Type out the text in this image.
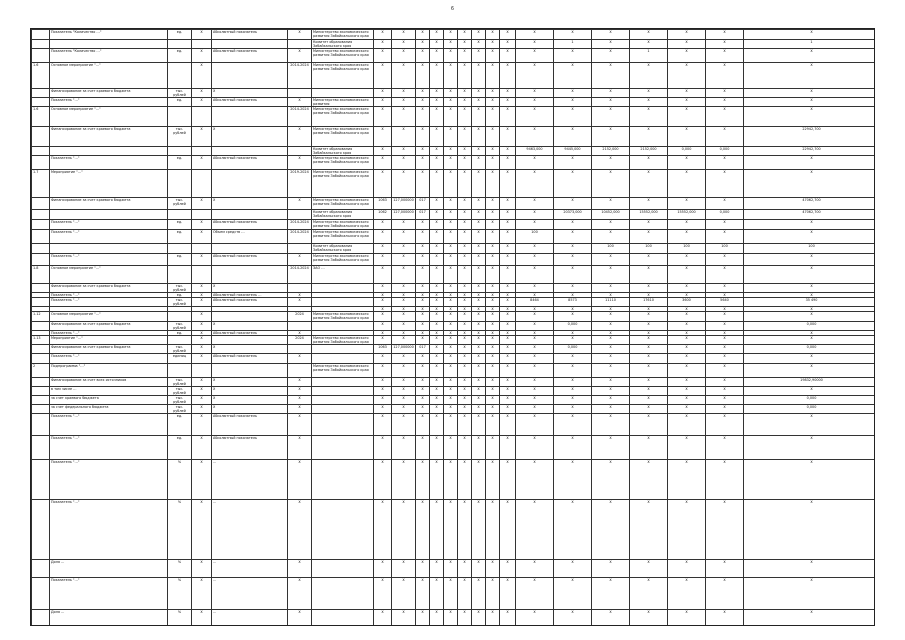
6
	Показатель "Количество …"	ед.	Х	Абсолютный показатель	Х	Министерство экономического развития Забайкальского края	Х	Х	Х	Х	Х	Х	Х	Х	Х	Х	Х	Х	Х	Х	Х	Х
						Комитет образования Забайкальского края	Х	Х	Х	Х	Х	Х	Х	Х	Х	Х	1	Х	Х	Х	Х	1
	Показатель "Количество …"	ед.	Х	Абсолютный показатель	Х	Министерство экономического развития Забайкальского края	Х	Х	Х	Х	Х	Х	Х	Х	Х	Х	Х	Х	1	Х	Х	Х
1.6	Основное мероприятие "…"		Х		2014-2024	Министерство экономического развития Забайкальского края	Х	Х	Х	Х	Х	Х	Х	Х	Х	Х	Х	Х	Х	Х	Х	Х
	Финансирование за счет краевого бюджета	тыс. рублей	Х	Х			Х	Х	Х	Х	Х	Х	Х	Х	Х	Х	Х	Х	Х	Х	Х	Х
	Показатель "…"	ед.	Х	Абсолютный показатель	Х	Министерство экономического развития	Х	Х	Х	Х	Х	Х	Х	Х	Х	Х	Х	Х	Х	Х	Х	Х
1.6	Основное мероприятие "…"				2014-2024	Министерство экономического развития Забайкальского края	Х	Х	Х	Х	Х	Х	Х	Х	Х	Х	Х	Х	Х	Х	Х	Х
	Финансирование за счет краевого бюджета	тыс. рублей	Х	Х	Х	Министерство экономического развития Забайкальского края	Х	Х	Х	Х	Х	Х	Х	Х	Х	Х	Х	Х	Х	Х	Х	22942,700
						Комитет образования Забайкальского края	Х	Х	Х	Х	Х	Х	Х	Х	Х	9463,000	9445,000	2152,000	2152,000	0,000	0,000	22942,700
	Показатель "…"	ед.	Х	Абсолютный показатель	Х	Министерство экономического развития Забайкальского края	Х	Х	Х	Х	Х	Х	Х	Х	Х	Х	Х	Х	Х	Х	Х	Х
1.7	Мероприятие "…"				2019-2024	Министерство экономического развития Забайкальского края	Х	Х	Х	Х	Х	Х	Х	Х	Х	Х	Х	Х	Х	Х	Х	Х
	Финансирование за счет краевого бюджета	тыс. рублей	Х	Х	Х	Министерство экономического развития Забайкальского края	1063	127,000000	017	Х	Х	Х	Х	Х	Х	Х	Х	Х	Х	Х	Х	47062,700
						Комитет образования Забайкальского края	1062	127,000000	017	Х	Х	Х	Х	Х	Х	Х	20373,000	10452,000	15552,000	15552,000	0,000	47062,700
	Показатель "…"	ед.	Х	Абсолютный показатель	2014-2024	Министерство экономического развития Забайкальского края	Х	Х	Х	Х	Х	Х	Х	Х	Х	Х	Х	Х	Х	Х	Х	Х
	Показатель "…"	ед.	Х	Объем средств …	2014-2024	Министерство экономического развития Забайкальского края	Х	Х	Х	Х	Х	Х	Х	Х	Х	100	Х	Х	Х	Х	Х	Х
						Комитет образования Забайкальского края	Х	Х	Х	Х	Х	Х	Х	Х	Х	Х	Х	100	100	100	100	100
	Показатель "…"	ед.	Х	Абсолютный показатель	Х	Министерство экономического развития Забайкальского края	Х	Х	Х	Х	Х	Х	Х	Х	Х	Х	Х	Х	Х	Х	Х	Х
1.8	Основное мероприятие "…"				2014-2024	ЗАО …	Х	Х	Х	Х	Х	Х	Х	Х	Х	Х	Х	Х	Х	Х	Х	Х
	Финансирование за счет краевого бюджета	тыс. рублей	Х	Х			Х	Х	Х	Х	Х	Х	Х	Х	Х	Х	Х	Х	Х	Х	Х	Х
	Показатель "…"	ед.	Х	Абсолютный показатель …	Х		Х	Х	Х	Х	Х	Х	Х	Х	Х	Х	Х	Х	Х	Х	Х	Х
	Показатель "…"	тыс. рублей	Х	Абсолютный показатель	Х		Х	Х	Х	Х	Х	Х	Х	Х	Х	8464	8573	11110	17610	3600	5640	35 490
							Х	Х	Х	Х	Х	Х	Х	Х	Х	Х	Х	Х	Х	Х	Х	Х
1.12	Основное мероприятие "…"		Х		2024	Министерство экономического развития Забайкальского края	Х	Х	Х	Х	Х	Х	Х	Х	Х	Х	Х	Х	Х	Х	Х	Х
	Финансирование за счет краевого бюджета	тыс. рублей	Х	Х			Х	Х	Х	Х	Х	Х	Х	Х	Х	Х	0,000	Х	Х	Х	Х	0,000
	Показатель "…"	ед.	Х	Абсолютный показатель	Х		Х	Х	Х	Х	Х	Х	Х	Х	Х	Х	Х	Х	Х	Х	Х	Х
1.13	Мероприятие "…"		Х		2024	Министерство экономического развития Забайкальского края	Х	Х	Х	Х	Х	Х	Х	Х	Х	Х	Х	Х	Х	Х	Х	Х
	Финансирование за счет краевого бюджета	тыс. рублей	Х	Х			1063	127,000000	017	Х	Х	Х	Х	Х	Х	Х	0,000	Х	Х	Х	Х	0,000
	Показатель "…"	единиц	Х	Абсолютный показатель	Х		Х	Х	Х	Х	Х	Х	Х	Х	Х	Х	Х	Х	Х	Х	Х	Х
2	Подпрограмма "…"					Министерство экономического развития Забайкальского края	Х	Х	Х	Х	Х	Х	Х	Х	Х	Х	Х	Х	Х	Х	Х	Х
	Финансирование за счет всех источников	тыс. рублей	Х	Х	Х		Х	Х	Х	Х	Х	Х	Х	Х	Х	Х	Х	Х	Х	Х	Х	19832,90000
	в том числе …	тыс. рублей	Х	Х	Х		Х	Х	Х	Х	Х	Х	Х	Х	Х	Х	Х	Х	Х	Х	Х	Х
	за счет краевого бюджета	тыс. рублей	Х	Х	Х		Х	Х	Х	Х	Х	Х	Х	Х	Х	Х	Х	Х	Х	Х	Х	0,000
	за счет федерального бюджета	тыс. рублей	Х	Х	Х		Х	Х	Х	Х	Х	Х	Х	Х	Х	Х	Х	Х	Х	Х	Х	0,000
	Показатель "…"	ед.	Х	Абсолютный показатель	Х		Х	Х	Х	Х	Х	Х	Х	Х	Х	Х	Х	Х	Х	Х	Х	Х
	Показатель "…"	ед.	Х	Абсолютный показатель	Х		Х	Х	Х	Х	Х	Х	Х	Х	Х	Х	Х	Х	Х	Х	Х	Х
	Показатель "…"	%	Х	…	Х		Х	Х	Х	Х	Х	Х	Х	Х	Х	Х	Х	Х	Х	Х	Х	Х
	Показатель "…"	%	Х	…	Х		Х	Х	Х	Х	Х	Х	Х	Х	Х	Х	Х	Х	Х	Х	Х	Х
	Доля …	%	Х	…	Х		Х	Х	Х	Х	Х	Х	Х	Х	Х	Х	Х	Х	Х	Х	Х	Х
	Показатель "…"	%	Х	…	Х		Х	Х	Х	Х	Х	Х	Х	Х	Х	Х	Х	Х	Х	Х	Х	Х
	Доля …	%	Х	…	Х		Х	Х	Х	Х	Х	Х	Х	Х	Х	Х	Х	Х	Х	Х	Х	Х
